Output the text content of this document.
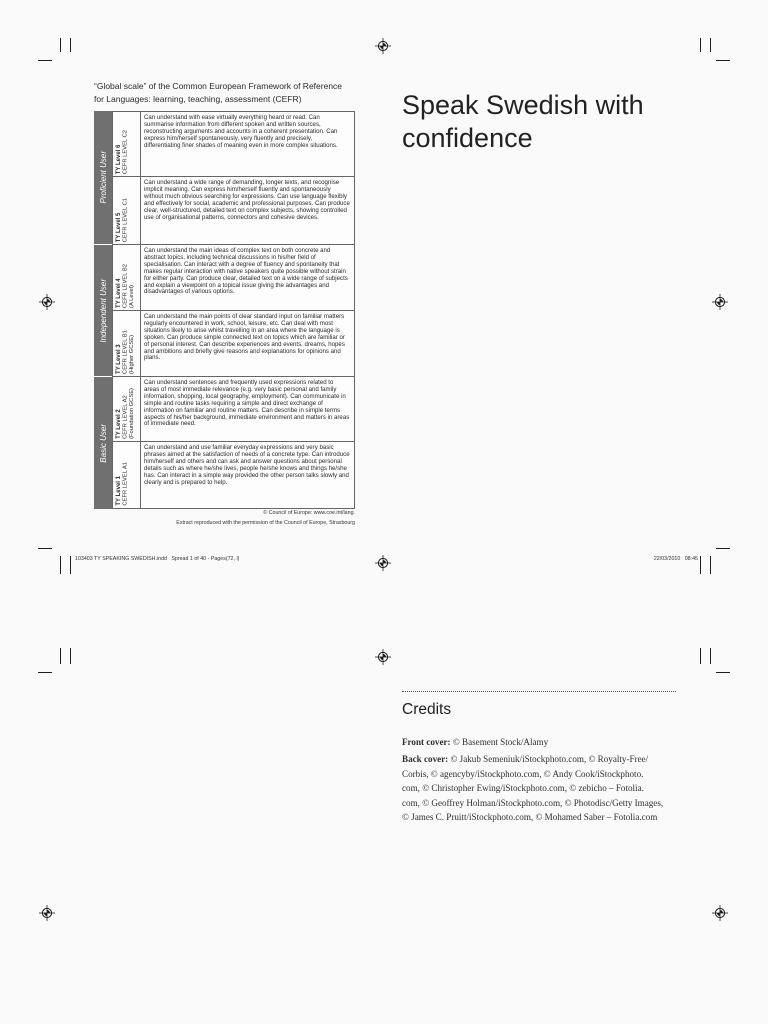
“Global scale” of the Common European Framework of Reference
for Languages: learning, teaching, assessment (CEFR)
Proficient User
Independent User
Basic User
TY Level 6 CEFR LEVEL C2
Can understand with ease virtually everything heard or read. Can summarise information from different spoken and written sources, reconstructing arguments and accounts in a coherent presentation. Can express him/herself spontaneously, very fluently and precisely, differentiating finer shades of meaning even in more complex situations.
TY Level 5 CEFR LEVEL C1
Can understand a wide range of demanding, longer texts, and recognise implicit meaning. Can express him/herself fluently and spontaneously without much obvious searching for expressions. Can use language flexibly and effectively for social, academic and professional purposes. Can produce clear, well-structured, detailed text on complex subjects, showing controlled use of organisational patterns, connectors and cohesive devices.
TY Level 4 CEFR LEVEL B2 (A Level)
Can understand the main ideas of complex text on both concrete and abstract topics, including technical discussions in his/her field of specialisation. Can interact with a degree of fluency and spontaneity that makes regular interaction with native speakers quite possible without strain for either party. Can produce clear, detailed text on a wide range of subjects and explain a viewpoint on a topical issue giving the advantages and disadvantages of various options.
TY Level 3 CEFR LEVEL B1 (Higher GCSE)
Can understand the main points of clear standard input on familiar matters regularly encountered in work, school, leisure, etc. Can deal with most situations likely to arise whilst travelling in an area where the language is spoken. Can produce simple connected text on topics which are familiar or of personal interest. Can describe experiences and events, dreams, hopes and ambitions and briefly give reasons and explanations for opinions and plans.
TY Level 2 CEFR LEVEL A2 (Foundation GCSE)
Can understand sentences and frequently used expressions related to areas of most immediate relevance (e.g. very basic personal and family information, shopping, local geography, employment). Can communicate in simple and routine tasks requiring a simple and direct exchange of information on familiar and routine matters. Can describe in simple terms aspects of his/her background, immediate environment and matters in areas of immediate need.
TY Level 1 CEFR LEVEL A1
Can understand and use familiar everyday expressions and very basic phrases aimed at the satisfaction of needs of a concrete type. Can introduce him/herself and others and can ask and answer questions about personal details such as where he/she lives, people he/she knows and things he/she has. Can interact in a simple way provided the other person talks slowly and clearly and is prepared to help.
© Council of Europe: www.coe.int/lang.
Extract reproduced with the permission of the Council of Europe, Strasbourg
Speak Swedish with confidence
103403 TY SPEAKING SWEDISH.indd   Spread 1 of 40 - Pages(72, l)	22/03/2010   08:45
Credits
Front cover: © Basement Stock/Alamy
Back cover: © Jakub Semeniuk/iStockphoto.com, © Royalty-Free/
Corbis, © agencyby/iStockphoto.com, © Andy Cook/iStockphoto.
com, © Christopher Ewing/iStockphoto.com, © zebicho – Fotolia.
com, © Geoffrey Holman/iStockphoto.com, © Photodisc/Getty Images,
© James C. Pruitt/iStockphoto.com, © Mohamed Saber – Fotolia.com
